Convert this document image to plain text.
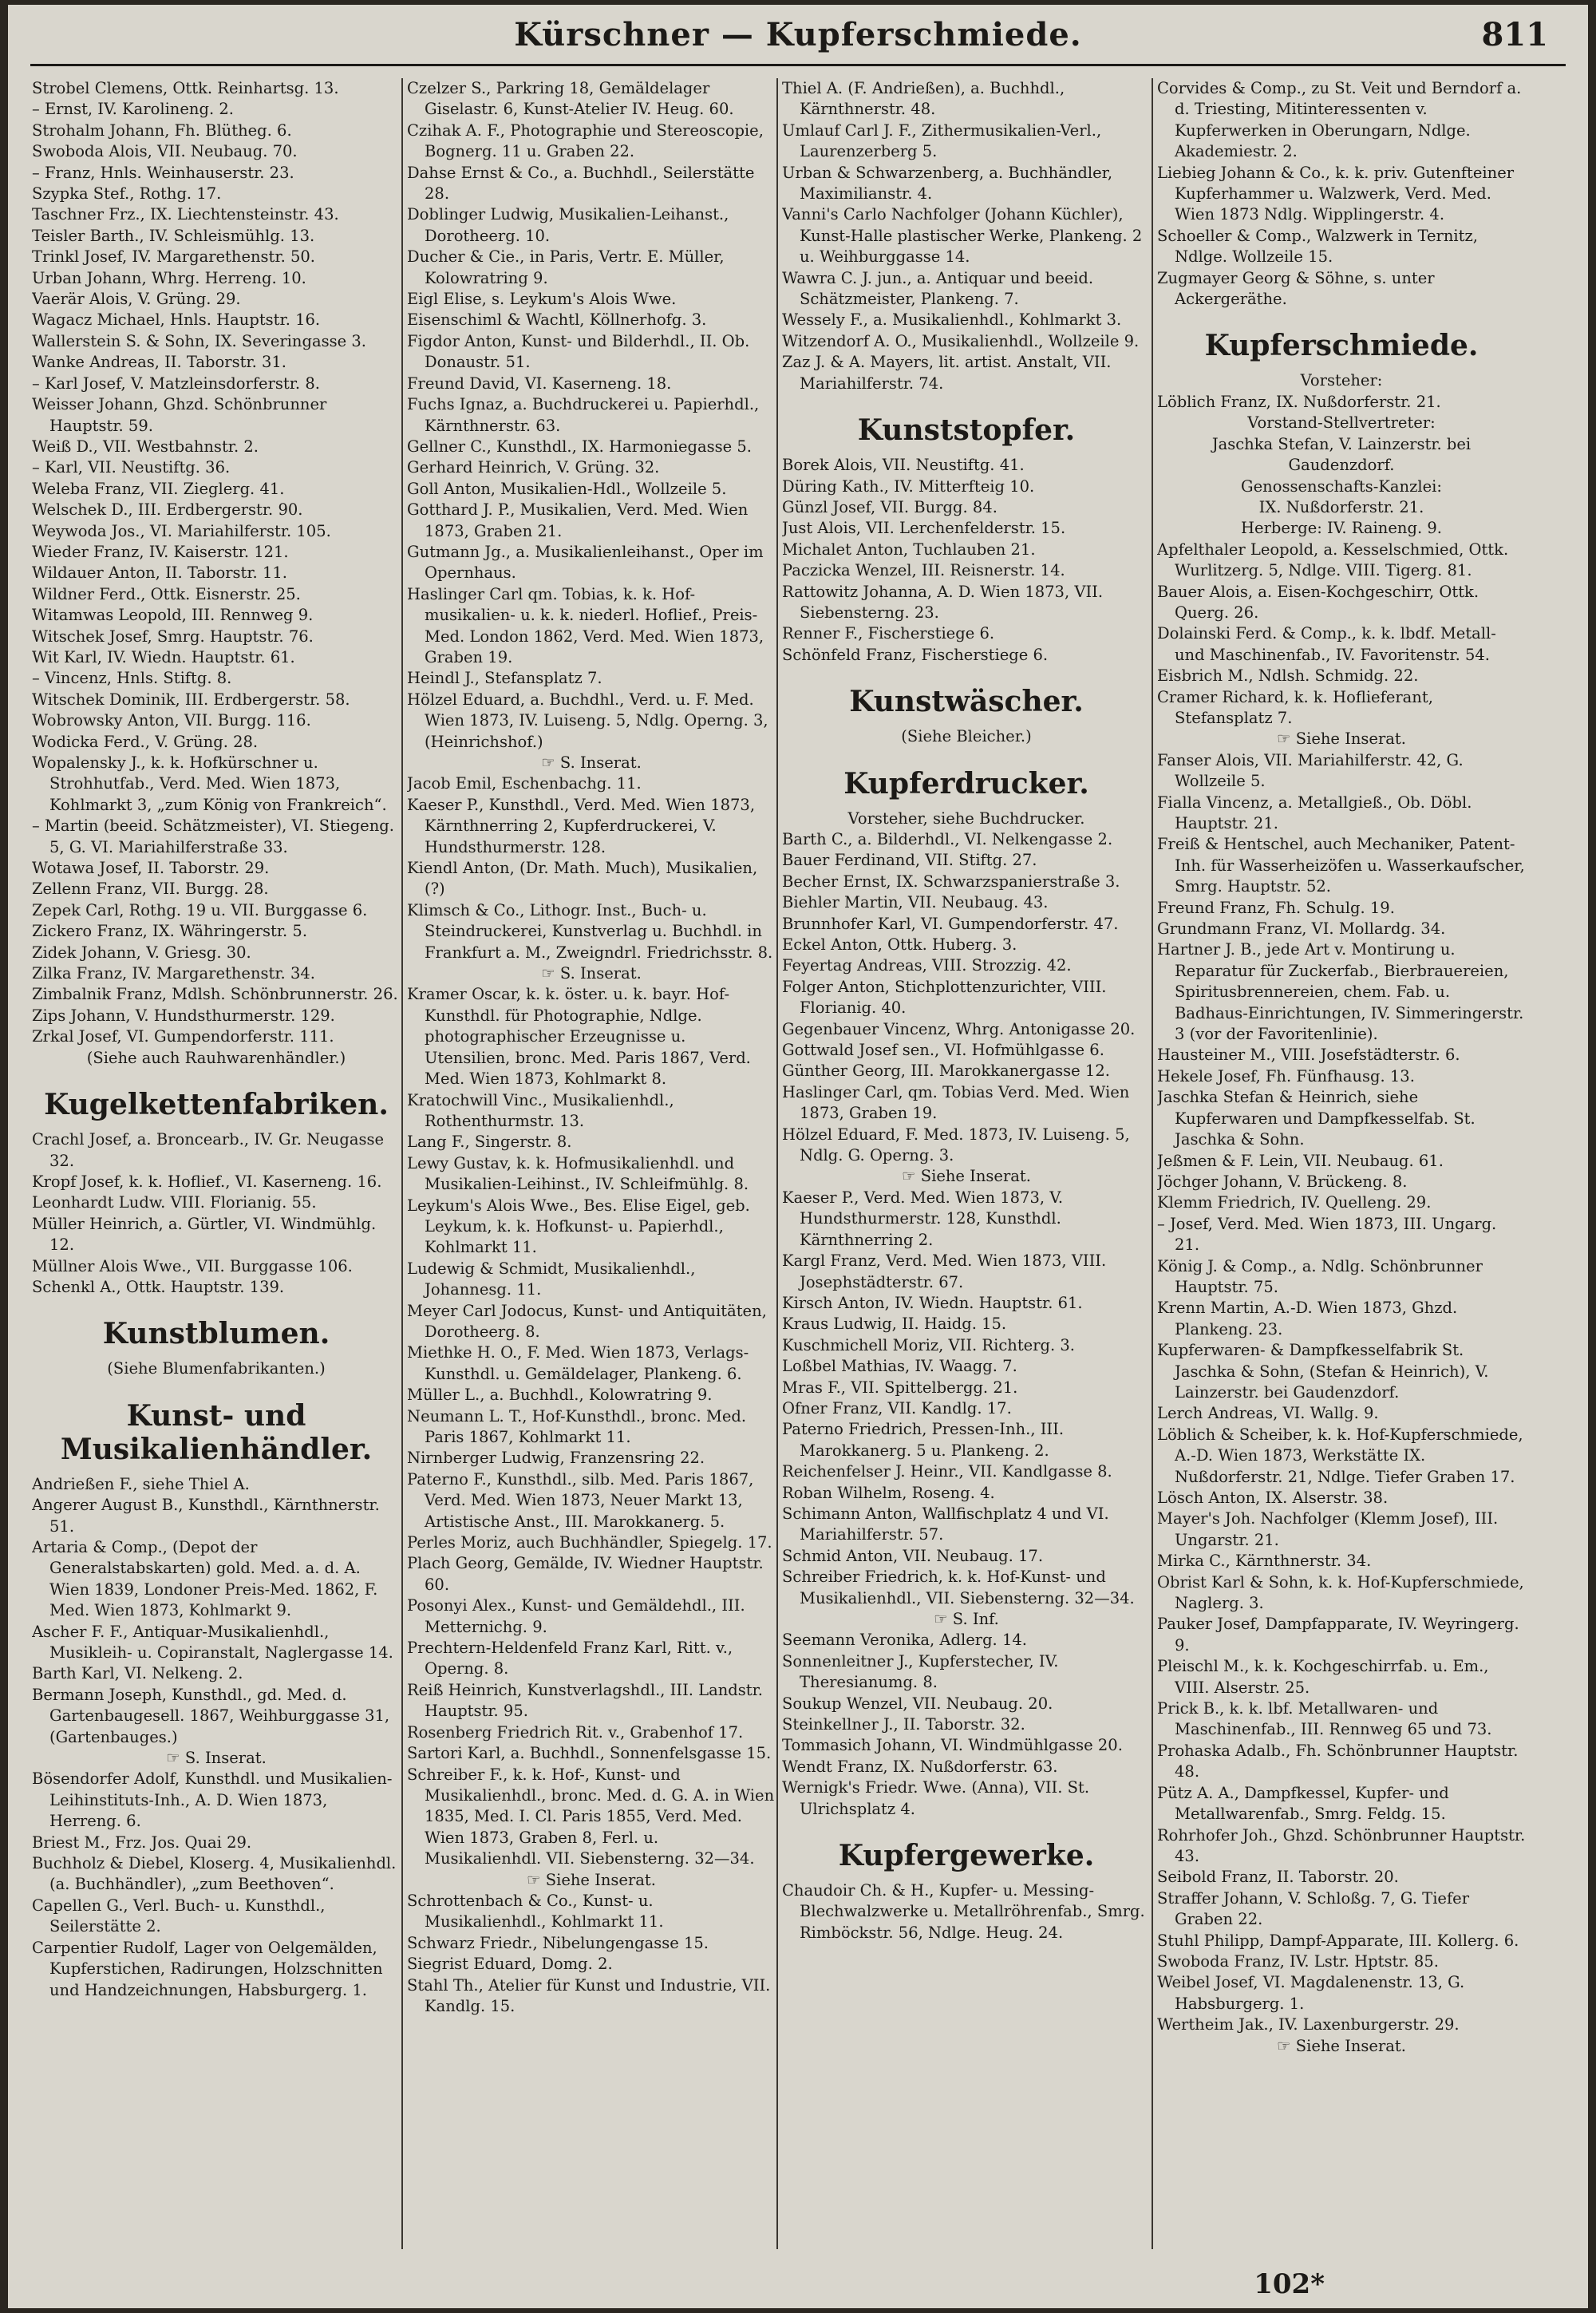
Kürschner — Kupferschmiede.	811

Strobel Clemens, Ottk. Reinhartsg. 13.

– Ernst, IV. Karolineng. 2.

Strohalm Johann, Fh. Blütheg. 6.

Swoboda Alois, VII. Neubaug. 70.

– Franz, Hnls. Weinhauserstr. 23.

Szypka Stef., Rothg. 17.

Taschner Frz., IX. Liechtensteinstr. 43.

Teisler Barth., IV. Schleismühlg. 13.

Trinkl Josef, IV. Margarethenstr. 50.

Urban Johann, Whrg. Herreng. 10.

Vaerär Alois, V. Grüng. 29.

Wagacz Michael, Hnls. Hauptstr. 16.

Wallerstein S. & Sohn, IX. Severingasse 3.

Wanke Andreas, II. Taborstr. 31.

– Karl Josef, V. Matzleinsdorferstr. 8.

Weisser Johann, Ghzd. Schönbrunner Hauptstr. 59.

Weiß D., VII. Westbahnstr. 2.

– Karl, VII. Neustiftg. 36.

Weleba Franz, VII. Zieglerg. 41.

Welschek D., III. Erdbergerstr. 90.

Weywoda Jos., VI. Mariahilferstr. 105.

Wieder Franz, IV. Kaiserstr. 121.

Wildauer Anton, II. Taborstr. 11.

Wildner Ferd., Ottk. Eisnerstr. 25.

Witamwas Leopold, III. Rennweg 9.

Witschek Josef, Smrg. Hauptstr. 76.

Wit Karl, IV. Wiedn. Hauptstr. 61.

– Vincenz, Hnls. Stiftg. 8.

Witschek Dominik, III. Erdbergerstr. 58.

Wobrowsky Anton, VII. Burgg. 116.

Wodicka Ferd., V. Grüng. 28.

Wopalensky J., k. k. Hofkürschner u. Strohhutfab., Verd. Med. Wien 1873, Kohlmarkt 3, „zum König von Frankreich“.

– Martin (beeid. Schätzmeister), VI. Stiegeng. 5, G. VI. Mariahilferstraße 33.

Wotawa Josef, II. Taborstr. 29.

Zellenn Franz, VII. Burgg. 28.

Zepek Carl, Rothg. 19 u. VII. Burggasse 6.

Zickero Franz, IX. Währingerstr. 5.

Zidek Johann, V. Griesg. 30.

Zilka Franz, IV. Margarethenstr. 34.

Zimbalnik Franz, Mdlsh. Schönbrunnerstr. 26.

Zips Johann, V. Hundsthurmerstr. 129.

Zrkal Josef, VI. Gumpendorferstr. 111.

(Siehe auch Rauhwarenhändler.)

Kugelkettenfabriken.

Crachl Josef, a. Broncearb., IV. Gr. Neugasse 32.

Kropf Josef, k. k. Hoflief., VI. Kaserneng. 16.

Leonhardt Ludw. VIII. Florianig. 55.

Müller Heinrich, a. Gürtler, VI. Windmühlg. 12.

Müllner Alois Wwe., VII. Burggasse 106.

Schenkl A., Ottk. Hauptstr. 139.

Kunstblumen.

(Siehe Blumenfabrikanten.)

Kunst- und Musikalienhändler.

Andrießen F., siehe Thiel A.

Angerer August B., Kunsthdl., Kärnthnerstr. 51.

Artaria & Comp., (Depot der Generalstabskarten) gold. Med. a. d. A. Wien 1839, Londoner Preis-Med. 1862, F. Med. Wien 1873, Kohlmarkt 9.

Ascher F. F., Antiquar-Musikalienhdl., Musikleih- u. Copiranstalt, Naglergasse 14.

Barth Karl, VI. Nelkeng. 2.

Bermann Joseph, Kunsthdl., gd. Med. d. Gartenbaugesell. 1867, Weihburggasse 31, (Gartenbauges.)

☞ S. Inserat.

Bösendorfer Adolf, Kunsthdl. und Musikalien-Leihinstituts-Inh., A. D. Wien 1873, Herreng. 6.

Briest M., Frz. Jos. Quai 29.

Buchholz & Diebel, Kloserg. 4, Musikalienhdl. (a. Buchhändler), „zum Beethoven“.

Capellen G., Verl. Buch- u. Kunsthdl., Seilerstätte 2.

Carpentier Rudolf, Lager von Oelgemälden, Kupferstichen, Radirungen, Holzschnitten und Handzeichnungen, Habsburgerg. 1.

Czelzer S., Parkring 18, Gemäldelager Giselastr. 6, Kunst-Atelier IV. Heug. 60.

Czihak A. F., Photographie und Stereoscopie, Bognerg. 11 u. Graben 22.

Dahse Ernst & Co., a. Buchhdl., Seilerstätte 28.

Doblinger Ludwig, Musikalien-Leihanst., Dorotheerg. 10.

Ducher & Cie., in Paris, Vertr. E. Müller, Kolowratring 9.

Eigl Elise, s. Leykum's Alois Wwe.

Eisenschiml & Wachtl, Köllnerhofg. 3.

Figdor Anton, Kunst- und Bilderhdl., II. Ob. Donaustr. 51.

Freund David, VI. Kaserneng. 18.

Fuchs Ignaz, a. Buchdruckerei u. Papierhdl., Kärnthnerstr. 63.

Gellner C., Kunsthdl., IX. Harmoniegasse 5.

Gerhard Heinrich, V. Grüng. 32.

Goll Anton, Musikalien-Hdl., Wollzeile 5.

Gotthard J. P., Musikalien, Verd. Med. Wien 1873, Graben 21.

Gutmann Jg., a. Musikalienleihanst., Oper im Opernhaus.

Haslinger Carl qm. Tobias, k. k. Hof- musikalien- u. k. k. niederl. Hoflief., Preis-Med. London 1862, Verd. Med. Wien 1873, Graben 19.

Heindl J., Stefansplatz 7.

Hölzel Eduard, a. Buchdhl., Verd. u. F. Med. Wien 1873, IV. Luiseng. 5, Ndlg. Operng. 3, (Heinrichshof.)

☞ S. Inserat.

Jacob Emil, Eschenbachg. 11.

Kaeser P., Kunsthdl., Verd. Med. Wien 1873, Kärnthnerring 2, Kupferdruckerei, V. Hundsthurmerstr. 128.

Kiendl Anton, (Dr. Math. Much), Musikalien, (?)

Klimsch & Co., Lithogr. Inst., Buch- u. Steindruckerei, Kunstverlag u. Buchhdl. in Frankfurt a. M., Zweigndrl. Friedrichsstr. 8.

☞ S. Inserat.

Kramer Oscar, k. k. öster. u. k. bayr. Hof-Kunsthdl. für Photographie, Ndlge. photographischer Erzeugnisse u. Utensilien, bronc. Med. Paris 1867, Verd. Med. Wien 1873, Kohlmarkt 8.

Kratochwill Vinc., Musikalienhdl., Rothenthurmstr. 13.

Lang F., Singerstr. 8.

Lewy Gustav, k. k. Hofmusikalienhdl. und Musikalien-Leihinst., IV. Schleifmühlg. 8.

Leykum's Alois Wwe., Bes. Elise Eigel, geb. Leykum, k. k. Hofkunst- u. Papierhdl., Kohlmarkt 11.

Ludewig & Schmidt, Musikalienhdl., Johannesg. 11.

Meyer Carl Jodocus, Kunst- und Antiquitäten, Dorotheerg. 8.

Miethke H. O., F. Med. Wien 1873, Verlags-Kunsthdl. u. Gemäldelager, Plankeng. 6.

Müller L., a. Buchhdl., Kolowratring 9.

Neumann L. T., Hof-Kunsthdl., bronc. Med. Paris 1867, Kohlmarkt 11.

Nirnberger Ludwig, Franzensring 22.

Paterno F., Kunsthdl., silb. Med. Paris 1867, Verd. Med. Wien 1873, Neuer Markt 13, Artistische Anst., III. Marokkanerg. 5.

Perles Moriz, auch Buchhändler, Spiegelg. 17.

Plach Georg, Gemälde, IV. Wiedner Hauptstr. 60.

Posonyi Alex., Kunst- und Gemäldehdl., III. Metternichg. 9.

Prechtern-Heldenfeld Franz Karl, Ritt. v., Operng. 8.

Reiß Heinrich, Kunstverlagshdl., III. Landstr. Hauptstr. 95.

Rosenberg Friedrich Rit. v., Grabenhof 17.

Sartori Karl, a. Buchhdl., Sonnenfelsgasse 15.

Schreiber F., k. k. Hof-, Kunst- und Musikalienhdl., bronc. Med. d. G. A. in Wien 1835, Med. I. Cl. Paris 1855, Verd. Med. Wien 1873, Graben 8, Ferl. u. Musikalienhdl. VII. Siebensterng. 32—34.

☞ Siehe Inserat.

Schrottenbach & Co., Kunst- u. Musikalienhdl., Kohlmarkt 11.

Schwarz Friedr., Nibelungengasse 15.

Siegrist Eduard, Domg. 2.

Stahl Th., Atelier für Kunst und Industrie, VII. Kandlg. 15.

Thiel A. (F. Andrießen), a. Buchhdl., Kärnthnerstr. 48.

Umlauf Carl J. F., Zithermusikalien-Verl., Laurenzerberg 5.

Urban & Schwarzenberg, a. Buchhändler, Maximilianstr. 4.

Vanni's Carlo Nachfolger (Johann Küchler), Kunst-Halle plastischer Werke, Plankeng. 2 u. Weihburggasse 14.

Wawra C. J. jun., a. Antiquar und beeid. Schätzmeister, Plankeng. 7.

Wessely F., a. Musikalienhdl., Kohlmarkt 3.

Witzendorf A. O., Musikalienhdl., Wollzeile 9.

Zaz J. & A. Mayers, lit. artist. Anstalt, VII. Mariahilferstr. 74.

Kunststopfer.

Borek Alois, VII. Neustiftg. 41.

Düring Kath., IV. Mitterfteig 10.

Günzl Josef, VII. Burgg. 84.

Just Alois, VII. Lerchenfelderstr. 15.

Michalet Anton, Tuchlauben 21.

Paczicka Wenzel, III. Reisnerstr. 14.

Rattowitz Johanna, A. D. Wien 1873, VII. Siebensterng. 23.

Renner F., Fischerstiege 6.

Schönfeld Franz, Fischerstiege 6.

Kunstwäscher.

(Siehe Bleicher.)

Kupferdrucker.

Vorsteher, siehe Buchdrucker.

Barth C., a. Bilderhdl., VI. Nelkengasse 2.

Bauer Ferdinand, VII. Stiftg. 27.

Becher Ernst, IX. Schwarzspanierstraße 3.

Biehler Martin, VII. Neubaug. 43.

Brunnhofer Karl, VI. Gumpendorferstr. 47.

Eckel Anton, Ottk. Huberg. 3.

Feyertag Andreas, VIII. Strozzig. 42.

Folger Anton, Stichplottenzurichter, VIII. Florianig. 40.

Gegenbauer Vincenz, Whrg. Antonigasse 20.

Gottwald Josef sen., VI. Hofmühlgasse 6.

Günther Georg, III. Marokkanergasse 12.

Haslinger Carl, qm. Tobias Verd. Med. Wien 1873, Graben 19.

Hölzel Eduard, F. Med. 1873, IV. Luiseng. 5, Ndlg. G. Operng. 3.

☞ Siehe Inserat.

Kaeser P., Verd. Med. Wien 1873, V. Hundsthurmerstr. 128, Kunsthdl. Kärnthnerring 2.

Kargl Franz, Verd. Med. Wien 1873, VIII. Josephstädterstr. 67.

Kirsch Anton, IV. Wiedn. Hauptstr. 61.

Kraus Ludwig, II. Haidg. 15.

Kuschmichell Moriz, VII. Richterg. 3.

Loßbel Mathias, IV. Waagg. 7.

Mras F., VII. Spittelbergg. 21.

Ofner Franz, VII. Kandlg. 17.

Paterno Friedrich, Pressen-Inh., III. Marokkanerg. 5 u. Plankeng. 2.

Reichenfelser J. Heinr., VII. Kandlgasse 8.

Roban Wilhelm, Roseng. 4.

Schimann Anton, Wallfischplatz 4 und VI. Mariahilferstr. 57.

Schmid Anton, VII. Neubaug. 17.

Schreiber Friedrich, k. k. Hof-Kunst- und Musikalienhdl., VII. Siebensterng. 32—34.

☞ S. Inf.

Seemann Veronika, Adlerg. 14.

Sonnenleitner J., Kupferstecher, IV. Theresianumg. 8.

Soukup Wenzel, VII. Neubaug. 20.

Steinkellner J., II. Taborstr. 32.

Tommasich Johann, VI. Windmühlgasse 20.

Wendt Franz, IX. Nußdorferstr. 63.

Wernigk's Friedr. Wwe. (Anna), VII. St. Ulrichsplatz 4.

Kupfergewerke.

Chaudoir Ch. & H., Kupfer- u. Messing-Blechwalzwerke u. Metallröhrenfab., Smrg. Rimböckstr. 56, Ndlge. Heug. 24.

Corvides & Comp., zu St. Veit und Berndorf a. d. Triesting, Mitinteressenten v. Kupferwerken in Oberungarn, Ndlge. Akademiestr. 2.

Liebieg Johann & Co., k. k. priv. Gutenfteiner Kupferhammer u. Walzwerk, Verd. Med. Wien 1873 Ndlg. Wipplingerstr. 4.

Schoeller & Comp., Walzwerk in Ternitz, Ndlge. Wollzeile 15.

Zugmayer Georg & Söhne, s. unter Ackergeräthe.

Kupferschmiede.

Vorsteher:

Löblich Franz, IX. Nußdorferstr. 21.

Vorstand-Stellvertreter:

Jaschka Stefan, V. Lainzerstr. bei Gaudenzdorf.

Genossenschafts-Kanzlei:

IX. Nußdorferstr. 21.

Herberge: IV. Raineng. 9.

Apfelthaler Leopold, a. Kesselschmied, Ottk. Wurlitzerg. 5, Ndlge. VIII. Tigerg. 81.

Bauer Alois, a. Eisen-Kochgeschirr, Ottk. Querg. 26.

Dolainski Ferd. & Comp., k. k. lbdf. Metall- und Maschinenfab., IV. Favoritenstr. 54.

Eisbrich M., Ndlsh. Schmidg. 22.

Cramer Richard, k. k. Hoflieferant, Stefansplatz 7.

☞ Siehe Inserat.

Fanser Alois, VII. Mariahilferstr. 42, G. Wollzeile 5.

Fialla Vincenz, a. Metallgieß., Ob. Döbl. Hauptstr. 21.

Freiß & Hentschel, auch Mechaniker, Patent-Inh. für Wasserheizöfen u. Wasserkaufscher, Smrg. Hauptstr. 52.

Freund Franz, Fh. Schulg. 19.

Grundmann Franz, VI. Mollardg. 34.

Hartner J. B., jede Art v. Montirung u. Reparatur für Zuckerfab., Bierbrauereien, Spiritusbrennereien, chem. Fab. u. Badhaus-Einrichtungen, IV. Simmeringerstr. 3 (vor der Favoritenlinie).

Hausteiner M., VIII. Josefstädterstr. 6.

Hekele Josef, Fh. Fünfhausg. 13.

Jaschka Stefan & Heinrich, siehe Kupferwaren und Dampfkesselfab. St. Jaschka & Sohn.

Jeßmen & F. Lein, VII. Neubaug. 61.

Jöchger Johann, V. Brückeng. 8.

Klemm Friedrich, IV. Quelleng. 29.

– Josef, Verd. Med. Wien 1873, III. Ungarg. 21.

König J. & Comp., a. Ndlg. Schönbrunner Hauptstr. 75.

Krenn Martin, A.-D. Wien 1873, Ghzd. Plankeng. 23.

Kupferwaren- & Dampfkesselfabrik St. Jaschka & Sohn, (Stefan & Heinrich), V. Lainzerstr. bei Gaudenzdorf.

Lerch Andreas, VI. Wallg. 9.

Löblich & Scheiber, k. k. Hof-Kupferschmiede, A.-D. Wien 1873, Werkstätte IX. Nußdorferstr. 21, Ndlge. Tiefer Graben 17.

Lösch Anton, IX. Alserstr. 38.

Mayer's Joh. Nachfolger (Klemm Josef), III. Ungarstr. 21.

Mirka C., Kärnthnerstr. 34.

Obrist Karl & Sohn, k. k. Hof-Kupferschmiede, Naglerg. 3.

Pauker Josef, Dampfapparate, IV. Weyringerg. 9.

Pleischl M., k. k. Kochgeschirrfab. u. Em., VIII. Alserstr. 25.

Prick B., k. k. lbf. Metallwaren- und Maschinenfab., III. Rennweg 65 und 73.

Prohaska Adalb., Fh. Schönbrunner Hauptstr. 48.

Pütz A. A., Dampfkessel, Kupfer- und Metallwarenfab., Smrg. Feldg. 15.

Rohrhofer Joh., Ghzd. Schönbrunner Hauptstr. 43.

Seibold Franz, II. Taborstr. 20.

Straffer Johann, V. Schloßg. 7, G. Tiefer Graben 22.

Stuhl Philipp, Dampf-Apparate, III. Kollerg. 6.

Swoboda Franz, IV. Lstr. Hptstr. 85.

Weibel Josef, VI. Magdalenenstr. 13, G. Habsburgerg. 1.

Wertheim Jak., IV. Laxenburgerstr. 29.

☞ Siehe Inserat.

102*
